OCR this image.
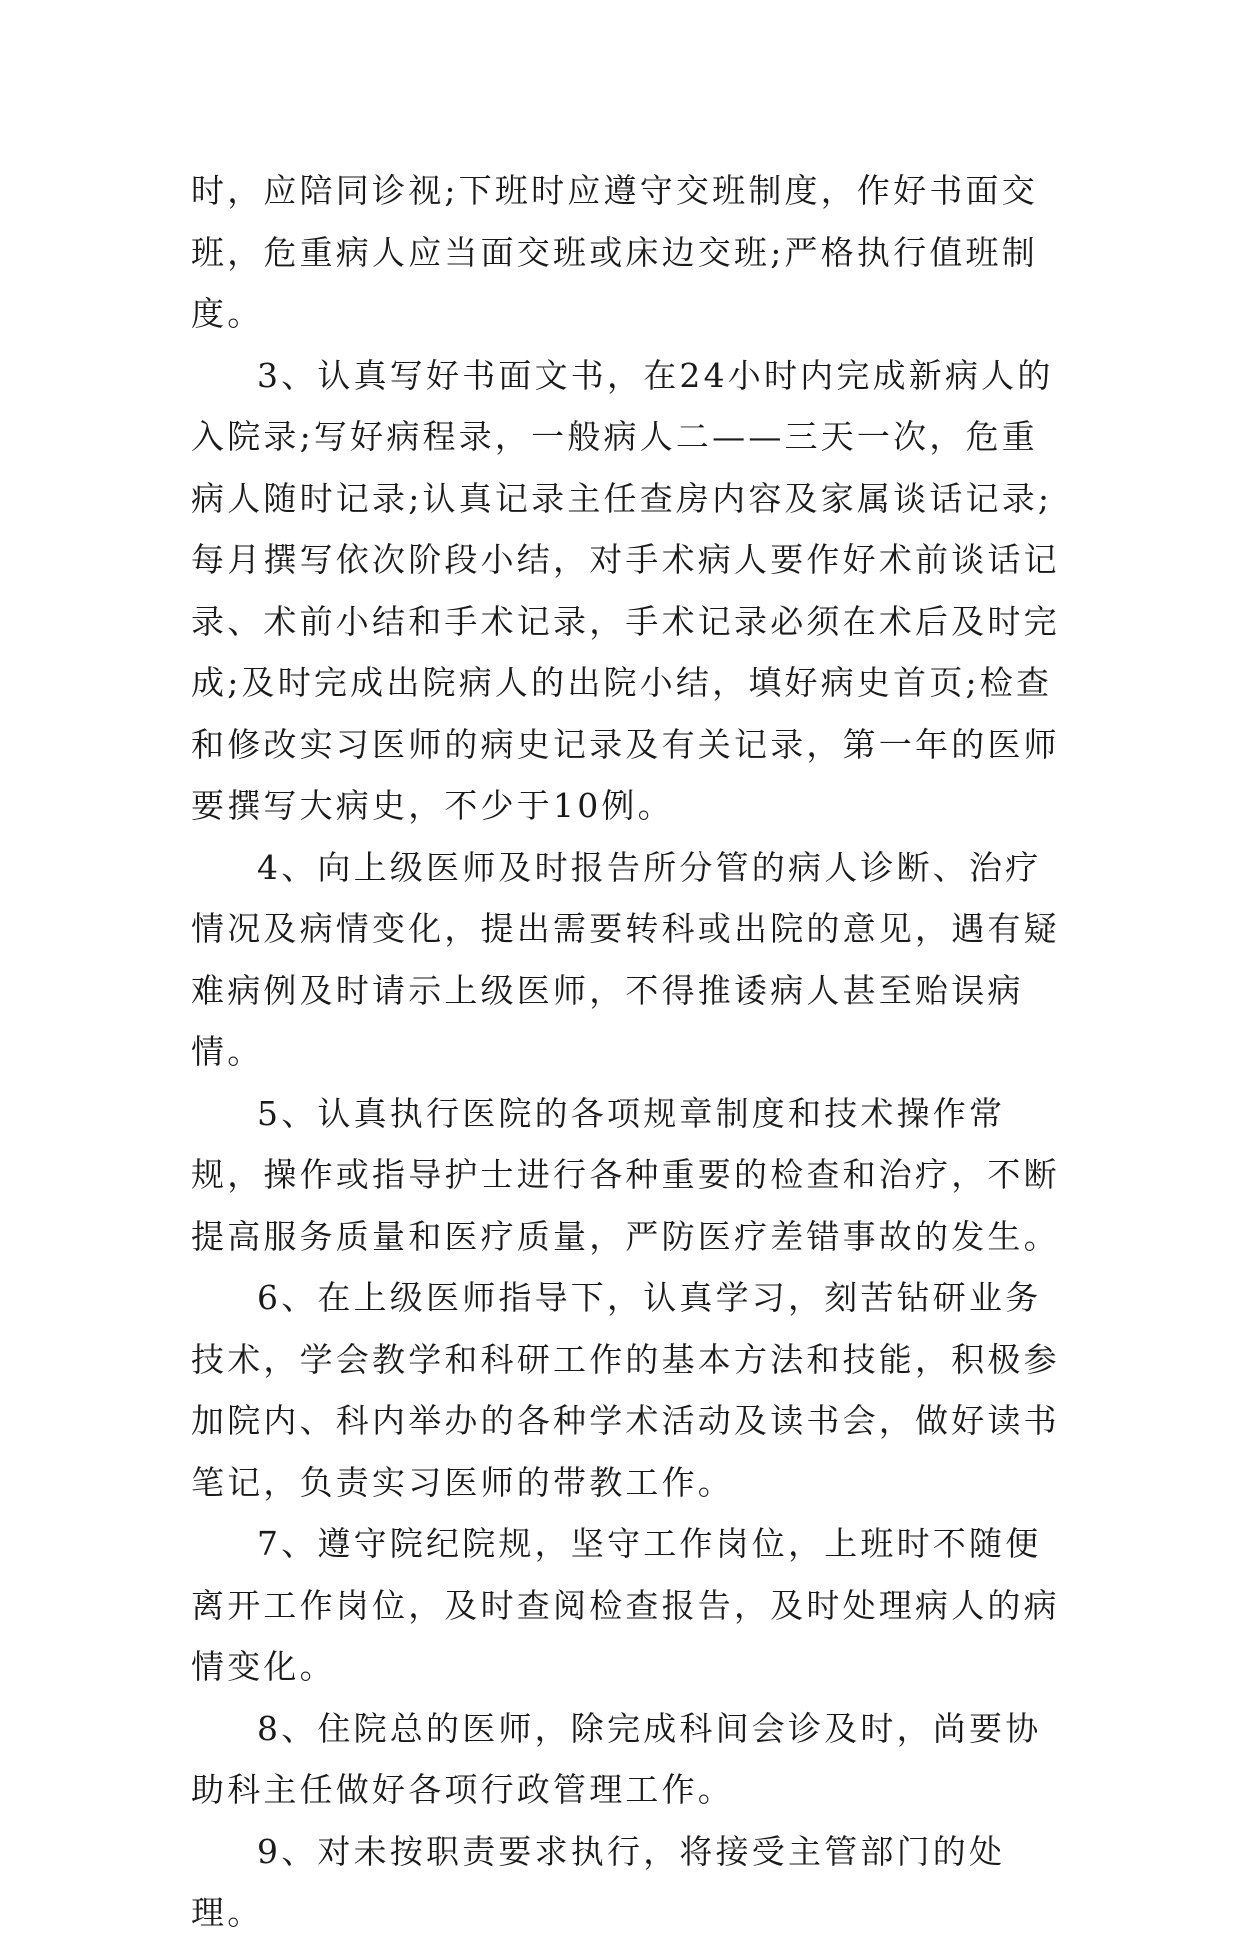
时，应陪同诊视;下班时应遵守交班制度，作好书面交班，危重病人应当面交班或床边交班;严格执行值班制度。

3、认真写好书面文书，在24小时内完成新病人的入院录;写好病程录，一般病人二——三天一次，危重病人随时记录;认真记录主任查房内容及家属谈话记录;每月撰写依次阶段小结，对手术病人要作好术前谈话记录、术前小结和手术记录，手术记录必须在术后及时完成;及时完成出院病人的出院小结，填好病史首页;检查和修改实习医师的病史记录及有关记录，第一年的医师要撰写大病史，不少于10例。

4、向上级医师及时报告所分管的病人诊断、治疗情况及病情变化，提出需要转科或出院的意见，遇有疑难病例及时请示上级医师，不得推诿病人甚至贻误病情。

5、认真执行医院的各项规章制度和技术操作常规，操作或指导护士进行各种重要的检查和治疗，不断提高服务质量和医疗质量，严防医疗差错事故的发生。

6、在上级医师指导下，认真学习，刻苦钻研业务技术，学会教学和科研工作的基本方法和技能，积极参加院内、科内举办的各种学术活动及读书会，做好读书笔记，负责实习医师的带教工作。

7、遵守院纪院规，坚守工作岗位，上班时不随便离开工作岗位，及时查阅检查报告，及时处理病人的病情变化。

8、住院总的医师，除完成科间会诊及时，尚要协助科主任做好各项行政管理工作。

9、对未按职责要求执行，将接受主管部门的处理。
